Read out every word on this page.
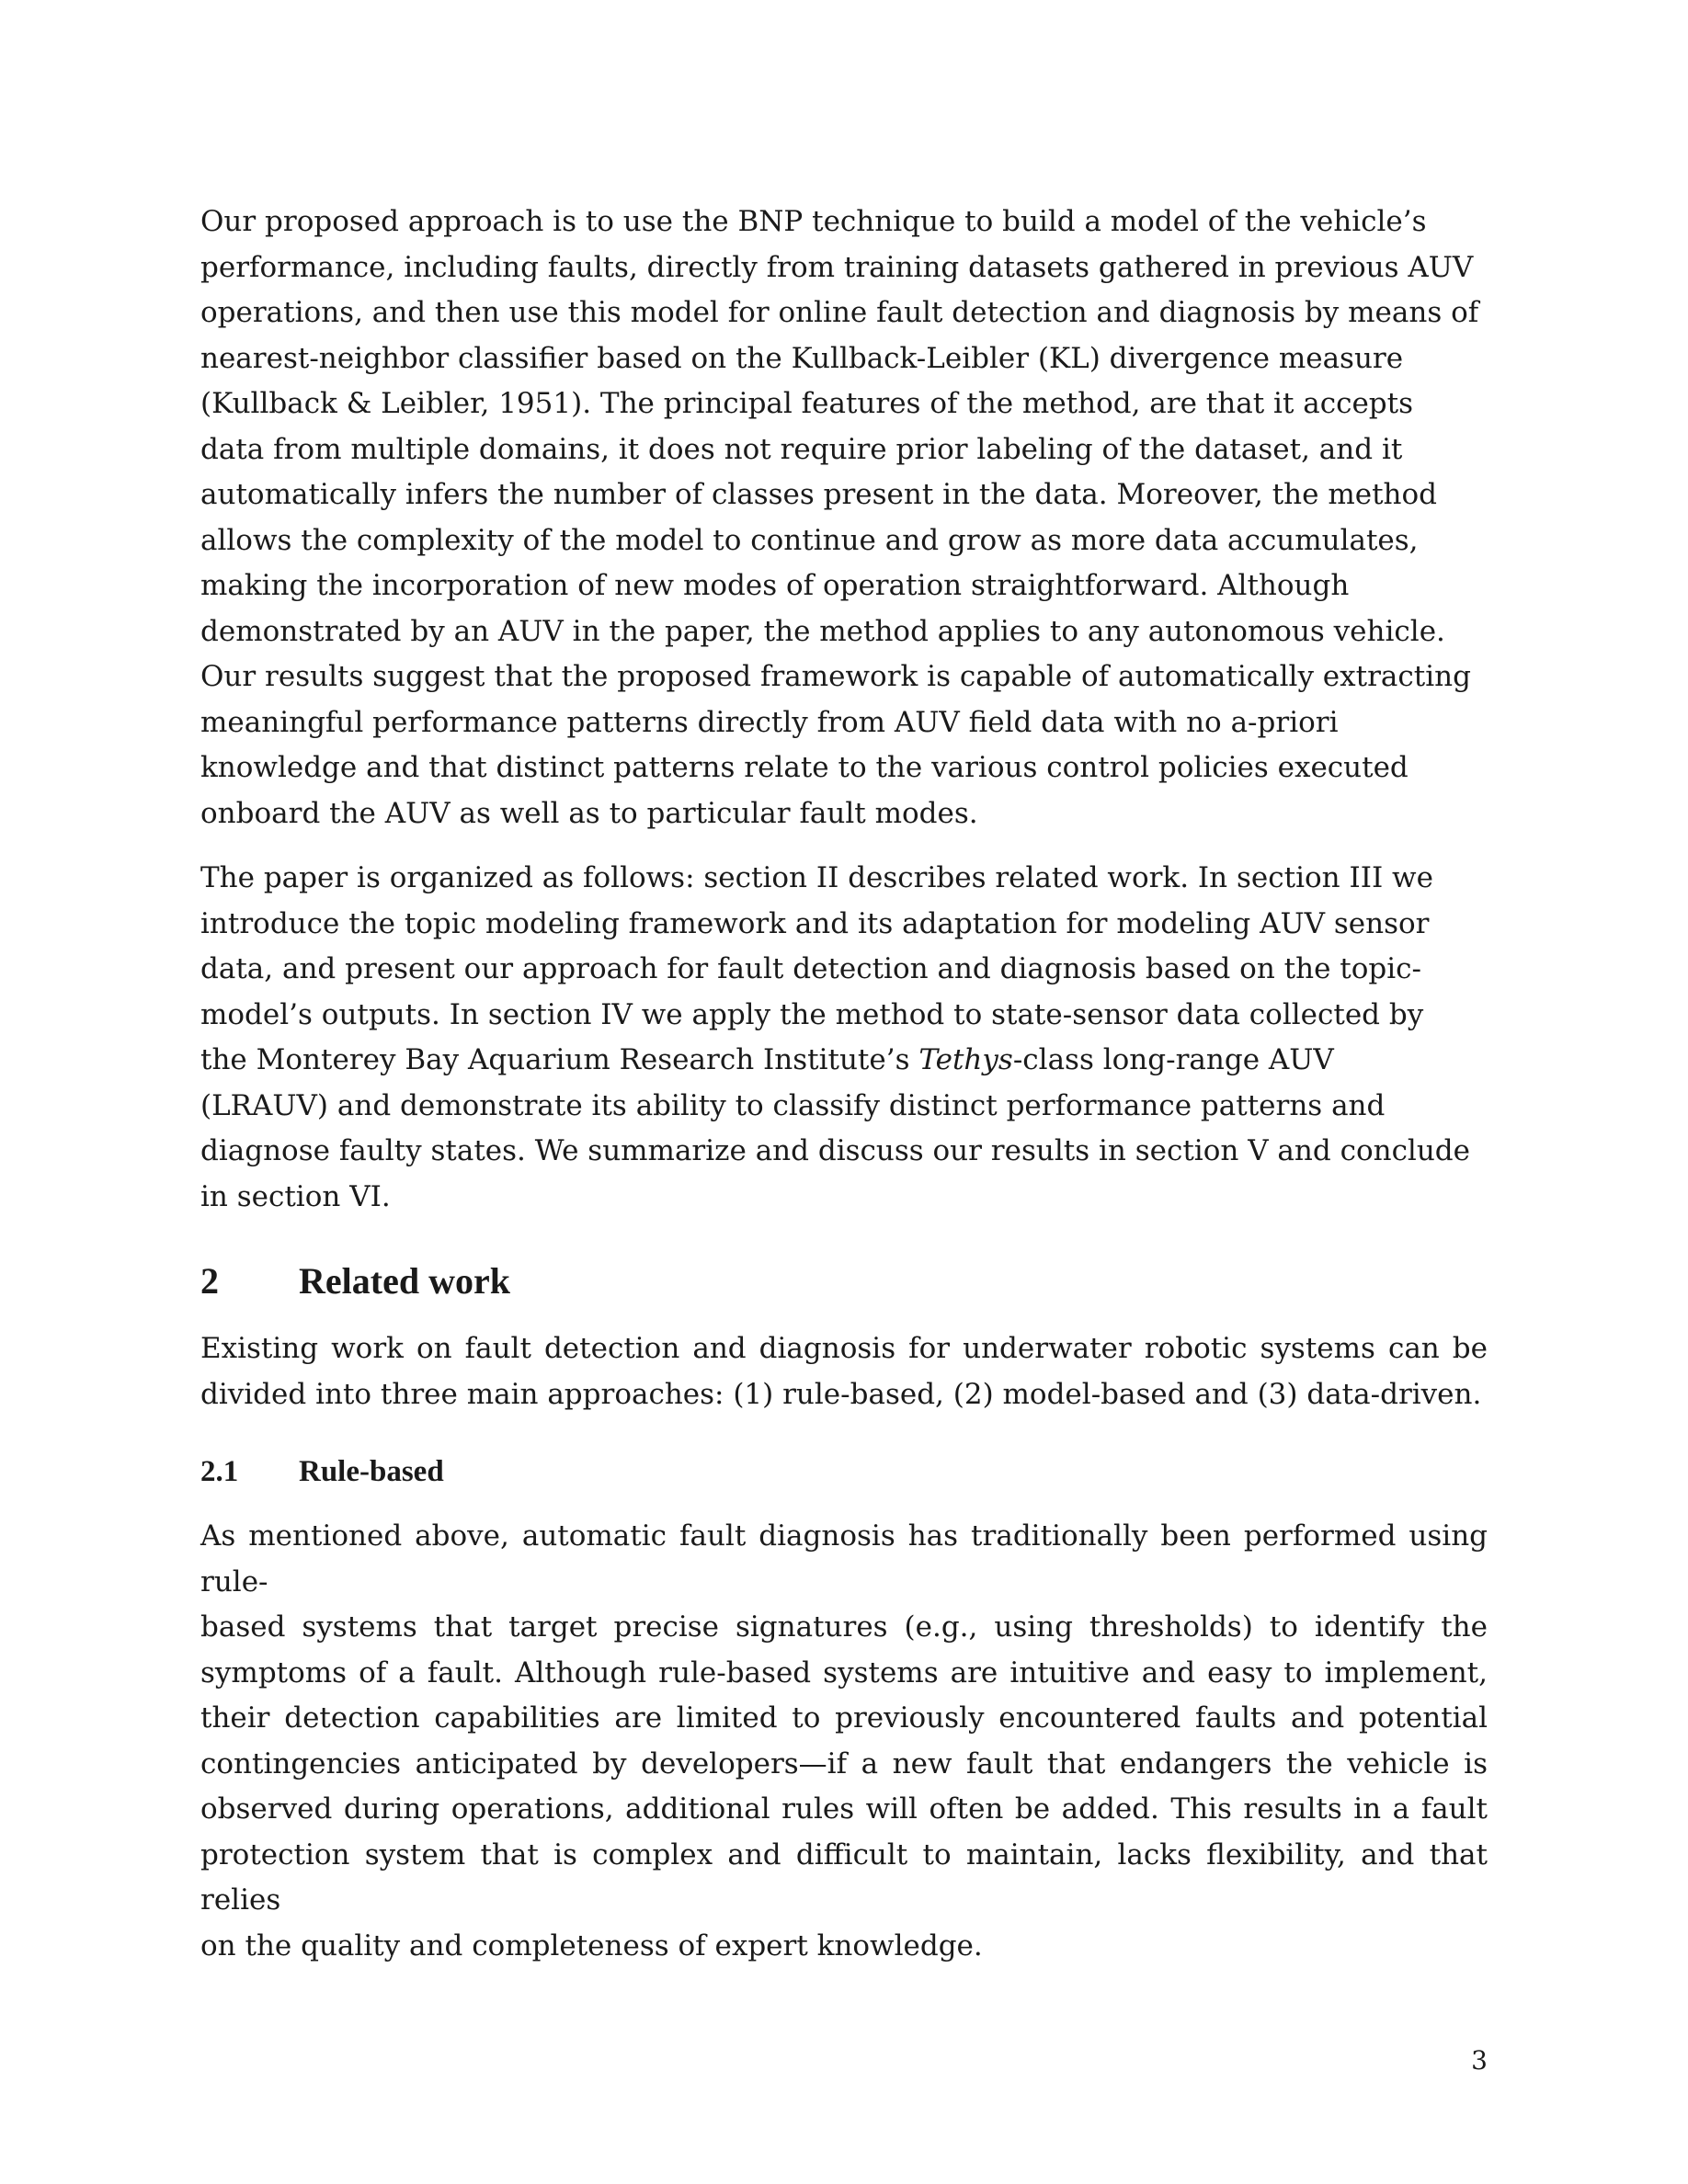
Our proposed approach is to use the BNP technique to build a model of the vehicle’s
performance, including faults, directly from training datasets gathered in previous AUV
operations, and then use this model for online fault detection and diagnosis by means of
nearest-neighbor classifier based on the Kullback-Leibler (KL) divergence measure
(Kullback & Leibler, 1951). The principal features of the method, are that it accepts
data from multiple domains, it does not require prior labeling of the dataset, and it
automatically infers the number of classes present in the data. Moreover, the method
allows the complexity of the model to continue and grow as more data accumulates,
making the incorporation of new modes of operation straightforward. Although
demonstrated by an AUV in the paper, the method applies to any autonomous vehicle.
Our results suggest that the proposed framework is capable of automatically extracting
meaningful performance patterns directly from AUV field data with no a-priori
knowledge and that distinct patterns relate to the various control policies executed
onboard the AUV as well as to particular fault modes.
The paper is organized as follows: section II describes related work. In section III we
introduce the topic modeling framework and its adaptation for modeling AUV sensor
data, and present our approach for fault detection and diagnosis based on the topic-
model’s outputs. In section IV we apply the method to state-sensor data collected by
the Monterey Bay Aquarium Research Institute’s Tethys-class long-range AUV
(LRAUV) and demonstrate its ability to classify distinct performance patterns and
diagnose faulty states. We summarize and discuss our results in section V and conclude
in section VI.
2 Related work
Existing work on fault detection and diagnosis for underwater robotic systems can be
divided into three main approaches: (1) rule-based, (2) model-based and (3) data-driven.
2.1 Rule-based
As mentioned above, automatic fault diagnosis has traditionally been performed using rule-
based systems that target precise signatures (e.g., using thresholds) to identify the
symptoms of a fault. Although rule-based systems are intuitive and easy to implement,
their detection capabilities are limited to previously encountered faults and potential
contingencies anticipated by developers—if a new fault that endangers the vehicle is
observed during operations, additional rules will often be added. This results in a fault
protection system that is complex and difficult to maintain, lacks flexibility, and that relies
on the quality and completeness of expert knowledge.
3
